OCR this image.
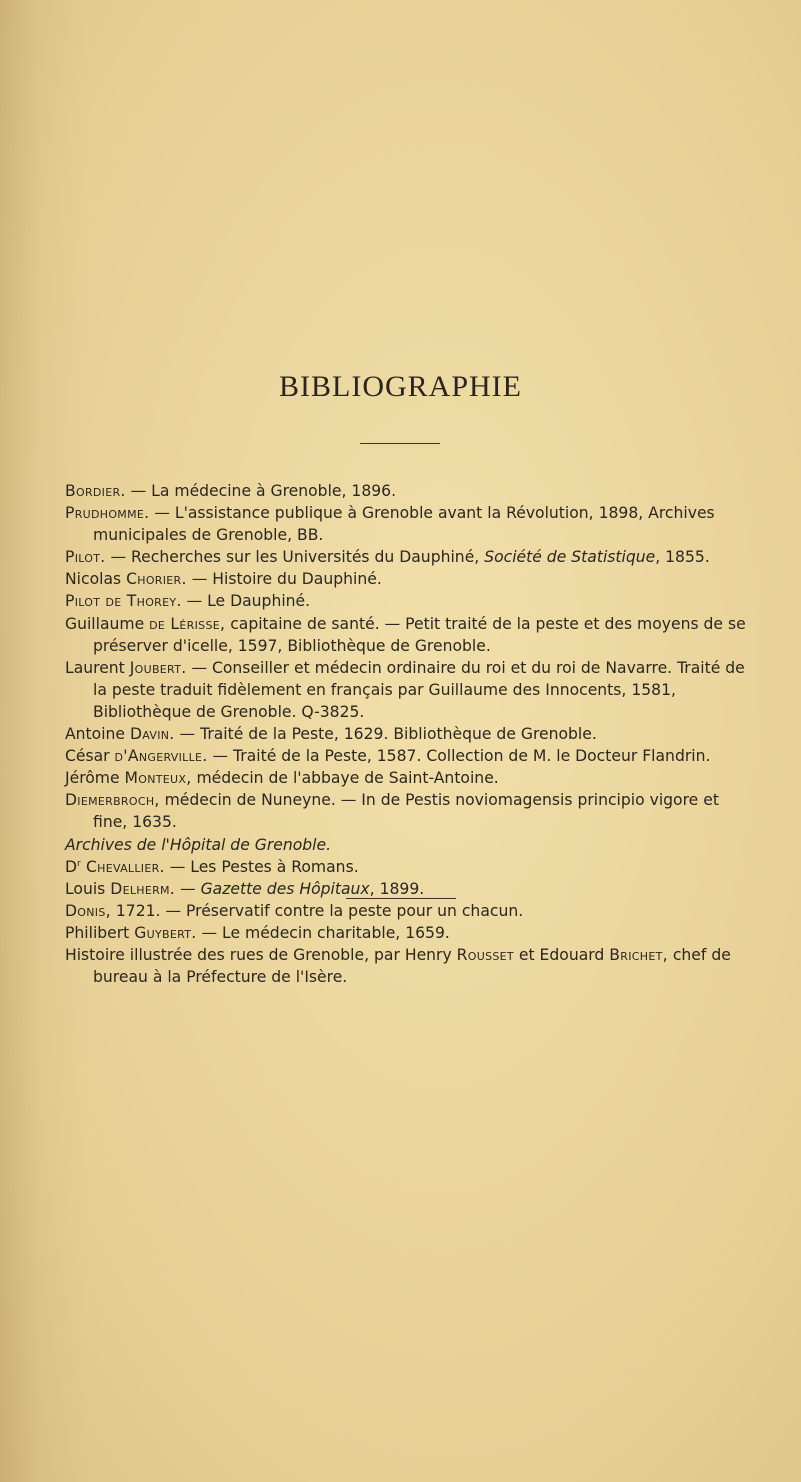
BIBLIOGRAPHIE

Bordier. — La médecine à Grenoble, 1896.

Prudhomme. — L'assistance publique à Grenoble avant la Révolution, 1898, Archives municipales de Grenoble, BB.

Pilot. — Recherches sur les Universités du Dauphiné, Société de Statistique, 1855.

Nicolas Chorier. — Histoire du Dauphiné.

Pilot de Thorey. — Le Dauphiné.

Guillaume de Lérisse, capitaine de santé. — Petit traité de la peste et des moyens de se préserver d'icelle, 1597, Bibliothèque de Grenoble.

Laurent Joubert. — Conseiller et médecin ordinaire du roi et du roi de Navarre. Traité de la peste traduit fidèlement en français par Guillaume des Innocents, 1581, Bibliothèque de Grenoble. Q-3825.

Antoine Davin. — Traité de la Peste, 1629. Bibliothèque de Grenoble.

César d'Angerville. — Traité de la Peste, 1587. Collection de M. le Docteur Flandrin.

Jérôme Monteux, médecin de l'abbaye de Saint-Antoine.

Diemerbroch, médecin de Nuneyne. — In de Pestis noviomagensis principio vigore et fine, 1635.

Archives de l'Hôpital de Grenoble.

$D^r$ Chevallier. — Les Pestes à Romans.

Louis Delherm. — Gazette des Hôpitaux, 1899.

Donis, 1721. — Préservatif contre la peste pour un chacun.

Philibert Guybert. — Le médecin charitable, 1659.

Histoire illustrée des rues de Grenoble, par Henry Rousset et Edouard Brichet, chef de bureau à la Préfecture de l'Isère.
